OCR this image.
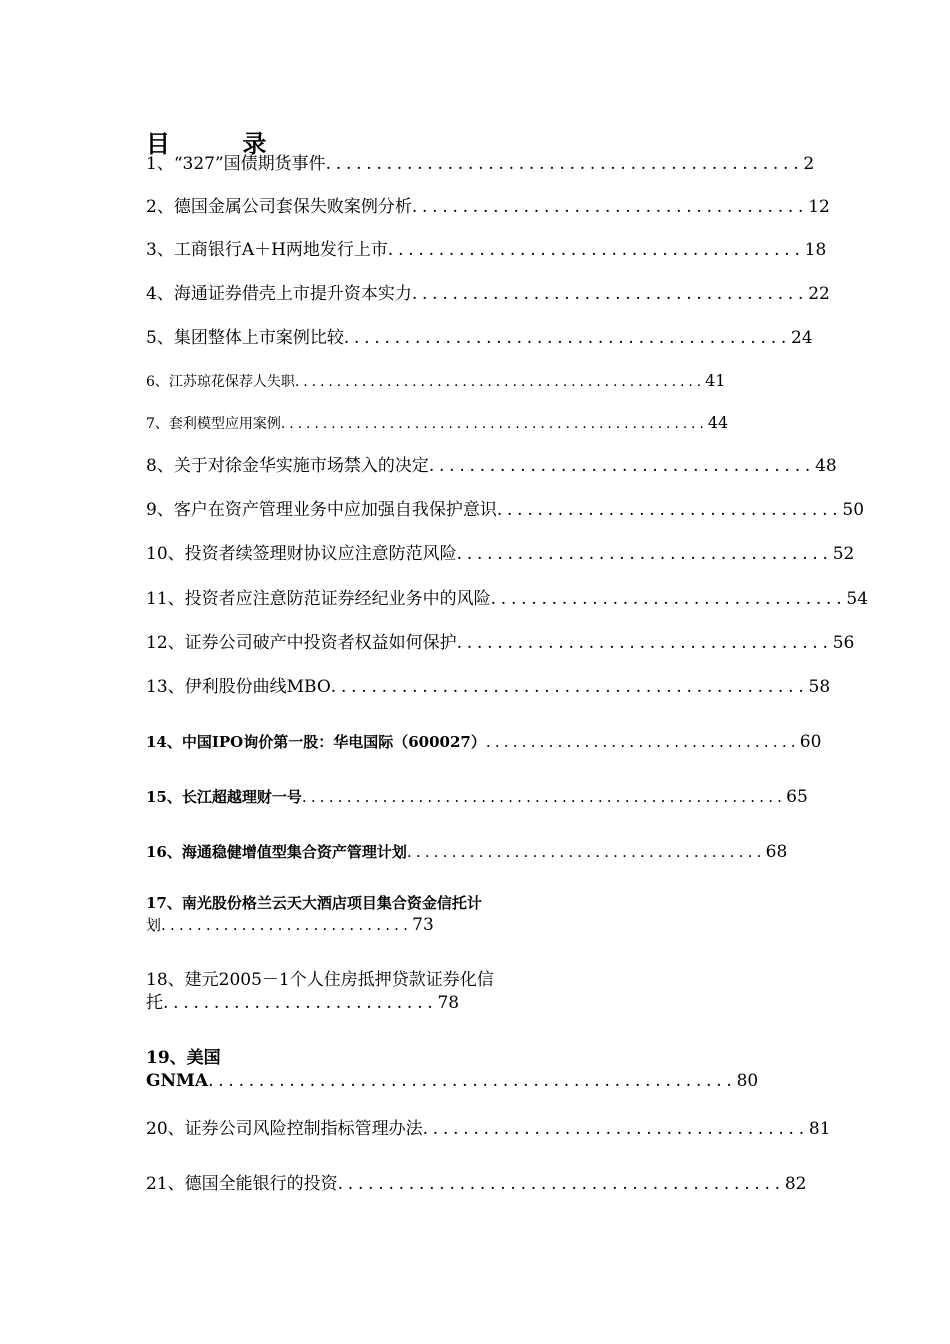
目 录
1、“327”国债期货事件...............................................2
2、德国金属公司套保失败案例分析.......................................12
3、工商银行A＋H两地发行上市.........................................18
4、海通证券借壳上市提升资本实力.......................................22
5、集团整体上市案例比较............................................24
6、江苏琼花保荐人失职.................................................41
7、套利模型应用案例...................................................44
8、关于对徐金华实施市场禁入的决定......................................48
9、客户在资产管理业务中应加强自我保护意识..................................50
10、投资者续签理财协议应注意防范风险.....................................52
11、投资者应注意防范证券经纪业务中的风险...................................54
12、证券公司破产中投资者权益如何保护.....................................56
13、伊利股份曲线MBO...............................................58
14、中国IPO询价第一股：华电国际（600027）...................................60
15、长江超越理财一号......................................................65
16、海通稳健增值型集合资产管理计划........................................68
17、南光股份格兰云天大酒店项目集合资金信托计
划............................73
18、建元2005－1个人住房抵押贷款证券化信
托...........................78
19、美国
GNMA....................................................80
20、证券公司风险控制指标管理办法......................................81
21、德国全能银行的投资............................................82
